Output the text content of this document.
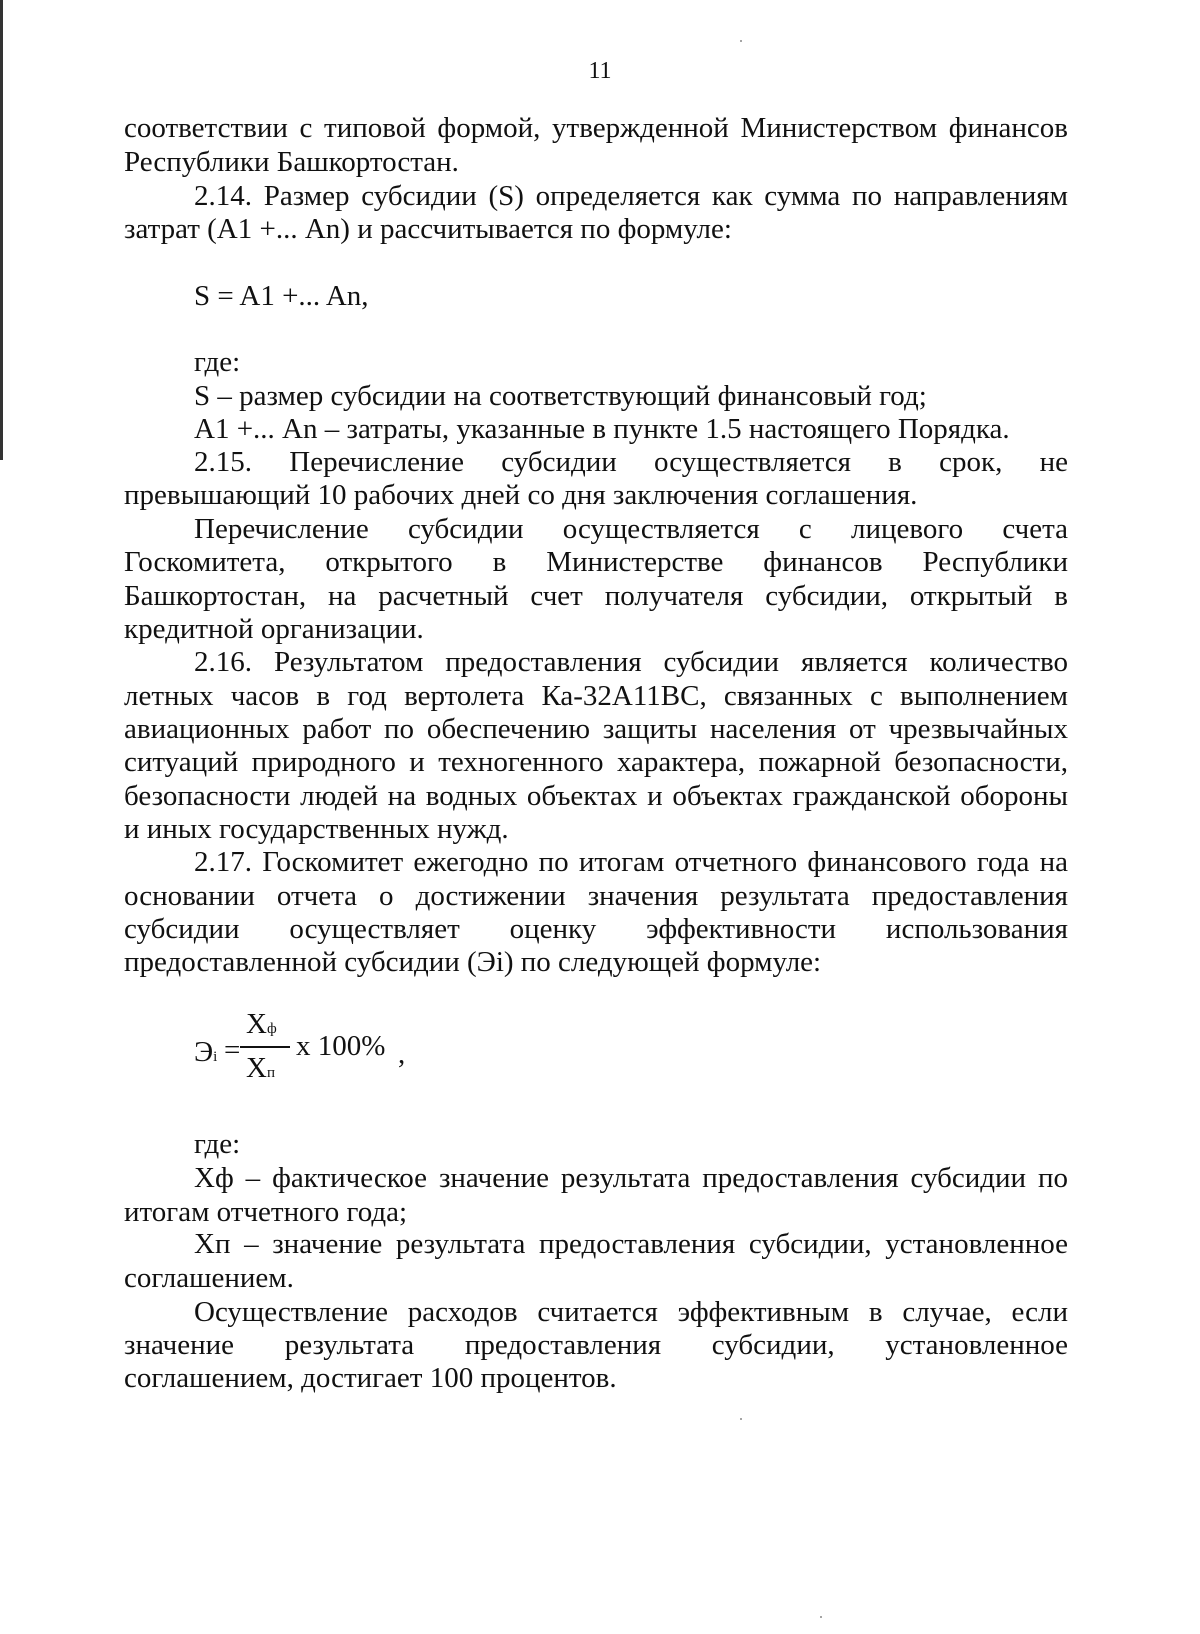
11
соответствии с типовой формой, утвержденной Министерством финансов
Республики Башкортостан.
2.14. Размер субсидии (S) определяется как сумма по направлениям
затрат (А1 +... An) и рассчитывается по формуле:
S = A1 +... An,
где:
S – размер субсидии на соответствующий финансовый год;
А1 +... An – затраты, указанные в пункте 1.5 настоящего Порядка.
2.15. Перечисление субсидии осуществляется в срок, не
превышающий 10 рабочих дней со дня заключения соглашения.
Перечисление субсидии осуществляется с лицевого счета
Госкомитета, открытого в Министерстве финансов Республики
Башкортостан, на расчетный счет получателя субсидии, открытый в
кредитной организации.
2.16. Результатом предоставления субсидии является количество
летных часов в год вертолета Ка-32А11ВС, связанных с выполнением
авиационных работ по обеспечению защиты населения от чрезвычайных
ситуаций природного и техногенного характера, пожарной безопасности,
безопасности людей на водных объектах и объектах гражданской обороны
и иных государственных нужд.
2.17. Госкомитет ежегодно по итогам отчетного финансового года на
основании отчета о достижении значения результата предоставления
субсидии осуществляет оценку эффективности использования
предоставленной субсидии (Эi) по следующей формуле:
Эi =
Хф
Хп
x 100% ,
где:
Хф – фактическое значение результата предоставления субсидии по
итогам отчетного года;
Хп – значение результата предоставления субсидии, установленное
соглашением.
Осуществление расходов считается эффективным в случае, если
значение результата предоставления субсидии, установленное
соглашением, достигает 100 процентов.
